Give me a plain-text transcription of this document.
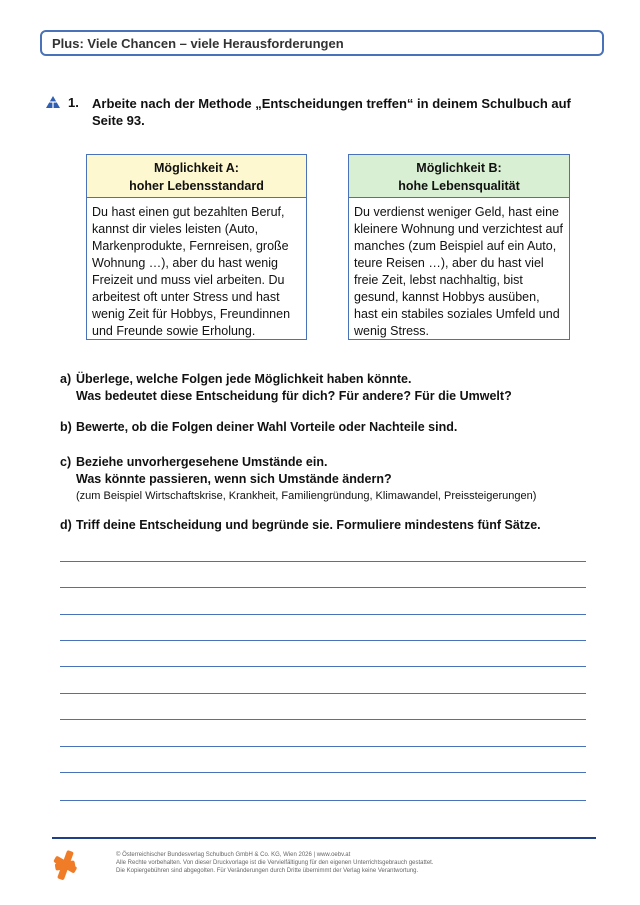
Plus: Viele Chancen – viele Herausforderungen
1. Arbeite nach der Methode „Entscheidungen treffen“ in deinem Schulbuch auf Seite 93.
Möglichkeit A:
hoher Lebensstandard
Du hast einen gut bezahlten Beruf, kannst dir vieles leisten (Auto, Markenprodukte, Fernreisen, große Wohnung …), aber du hast wenig Freizeit und muss viel arbeiten. Du arbeitest oft unter Stress und hast wenig Zeit für Hobbys, Freundinnen und Freunde sowie Erholung.
Möglichkeit B:
hohe Lebensqualität
Du verdienst weniger Geld, hast eine kleinere Wohnung und verzichtest auf manches (zum Beispiel auf ein Auto, teure Reisen …), aber du hast viel freie Zeit, lebst nachhaltig, bist gesund, kannst Hobbys ausüben, hast ein stabiles soziales Umfeld und wenig Stress.
a) Überlege, welche Folgen jede Möglichkeit haben könnte.
Was bedeutet diese Entscheidung für dich? Für andere? Für die Umwelt?
b) Bewerte, ob die Folgen deiner Wahl Vorteile oder Nachteile sind.
c) Beziehe unvorhergesehene Umstände ein.
Was könnte passieren, wenn sich Umstände ändern?
(zum Beispiel Wirtschaftskrise, Krankheit, Familiengründung, Klimawandel, Preissteigerungen)
d) Triff deine Entscheidung und begründe sie. Formuliere mindestens fünf Sätze.
© Österreichischer Bundesverlag Schulbuch GmbH & Co. KG, Wien 2026 | www.oebv.at
Alle Rechte vorbehalten. Von dieser Druckvorlage ist die Vervielfältigung für den eigenen Unterrichtsgebrauch gestattet.
Die Kopiergebühren sind abgegolten. Für Veränderungen durch Dritte übernimmt der Verlag keine Verantwortung.
